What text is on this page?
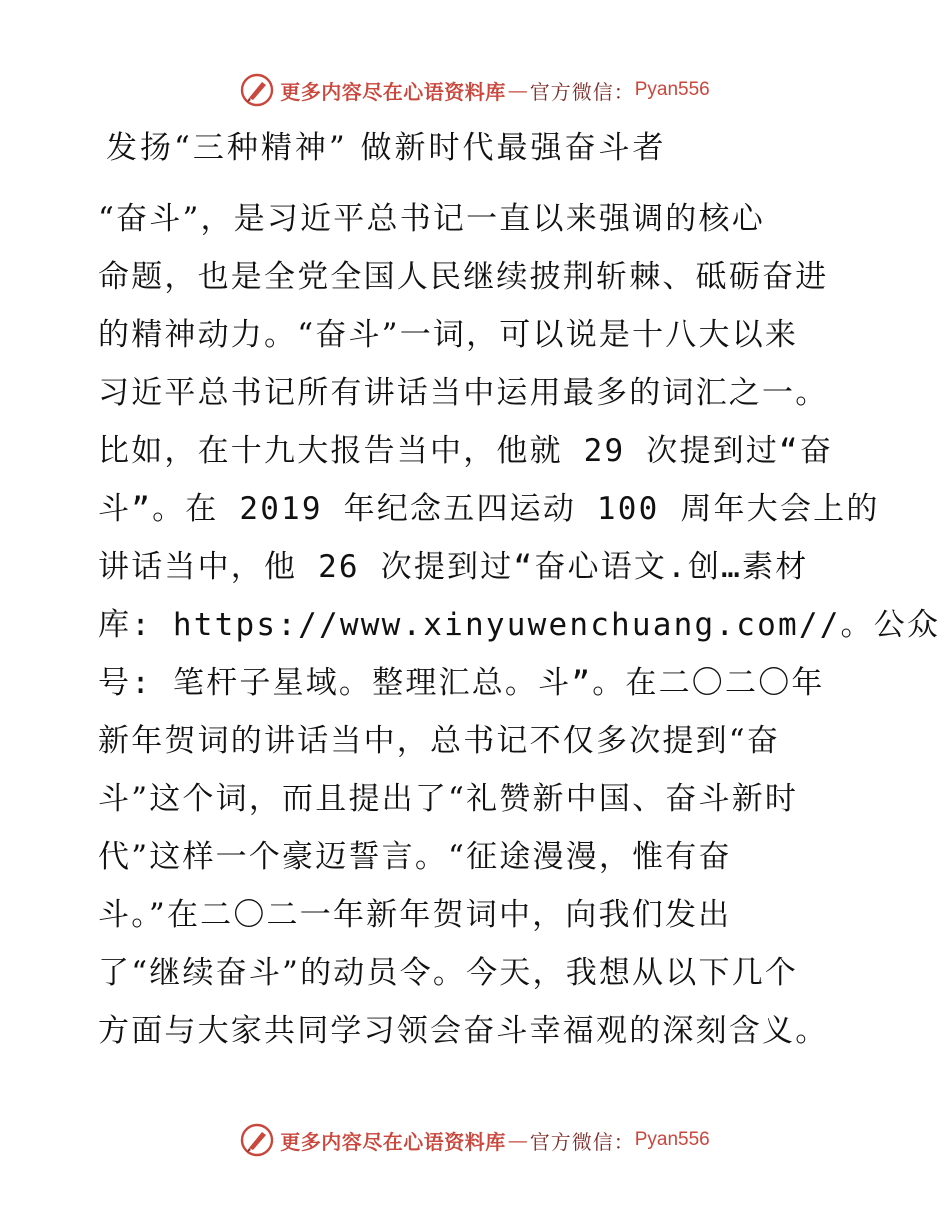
更多内容尽在心语资料库 — 官方微信： Pyan556
发扬“三种精神” 做新时代最强奋斗者
“奋斗”，是习近平总书记一直以来强调的核心
命题，也是全党全国人民继续披荆斩棘、砥砺奋进
的精神动力。“奋斗”一词，可以说是十八大以来
习近平总书记所有讲话当中运用最多的词汇之一。
比如，在十九大报告当中，他就 29 次提到过“奋
斗”。在 2019 年纪念五四运动 100 周年大会上的
讲话当中，他 26 次提到过“奋心语文.创…素材
库: https://www.xinyuwenchuang.com//。公众
号: 笔杆子星域。整理汇总。斗”。在二〇二〇年
新年贺词的讲话当中，总书记不仅多次提到“奋
斗”这个词，而且提出了“礼赞新中国、奋斗新时
代”这样一个豪迈誓言。“征途漫漫，惟有奋
斗。”在二〇二一年新年贺词中，向我们发出
了“继续奋斗”的动员令。今天，我想从以下几个
方面与大家共同学习领会奋斗幸福观的深刻含义。
更多内容尽在心语资料库 — 官方微信： Pyan556
